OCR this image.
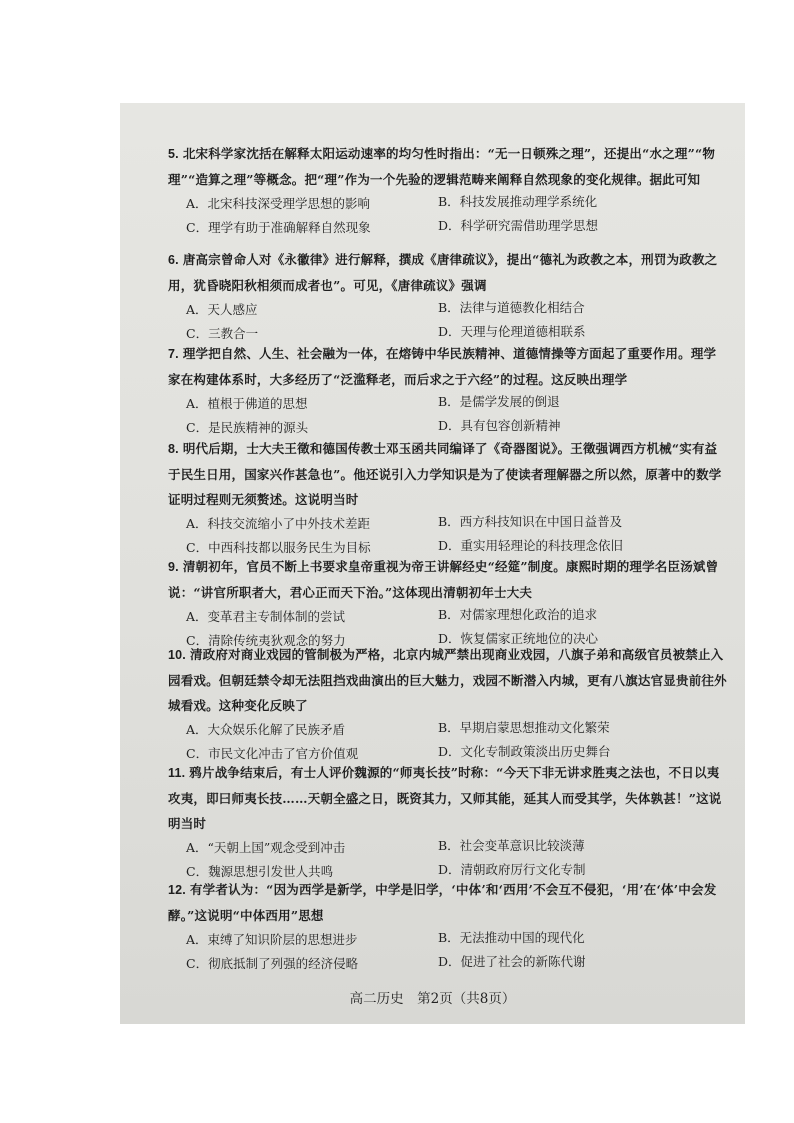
5. 北宋科学家沈括在解释太阳运动速率的均匀性时指出：“无一日顿殊之理”，还提出“水之理”“物理”“造算之理”等概念。把“理”作为一个先验的逻辑范畴来阐释自然现象的变化规律。据此可知

A．北宋科技深受理学思想的影响	B．科技发展推动理学系统化
C．理学有助于准确解释自然现象	D．科学研究需借助理学思想

6. 唐高宗曾命人对《永徽律》进行解释，撰成《唐律疏议》，提出“德礼为政教之本，刑罚为政教之用，犹昏晓阳秋相须而成者也”。可见，《唐律疏议》强调

A．天人感应	B．法律与道德教化相结合
C．三教合一	D．天理与伦理道德相联系

7. 理学把自然、人生、社会融为一体，在熔铸中华民族精神、道德情操等方面起了重要作用。理学家在构建体系时，大多经历了“泛滥释老，而后求之于六经”的过程。这反映出理学

A．植根于佛道的思想	B．是儒学发展的倒退
C．是民族精神的源头	D．具有包容创新精神

8. 明代后期，士大夫王徵和德国传教士邓玉函共同编译了《奇器图说》。王徵强调西方机械“实有益于民生日用，国家兴作甚急也”。他还说引入力学知识是为了使读者理解器之所以然，原著中的数学证明过程则无须赘述。这说明当时

A．科技交流缩小了中外技术差距	B．西方科技知识在中国日益普及
C．中西科技都以服务民生为目标	D．重实用轻理论的科技理念依旧

9. 清朝初年，官员不断上书要求皇帝重视为帝王讲解经史“经筵”制度。康熙时期的理学名臣汤斌曾说：“讲官所职者大，君心正而天下治。”这体现出清朝初年士大夫

A．变革君主专制体制的尝试	B．对儒家理想化政治的追求
C．清除传统夷狄观念的努力	D．恢复儒家正统地位的决心

10. 清政府对商业戏园的管制极为严格，北京内城严禁出现商业戏园，八旗子弟和高级官员被禁止入园看戏。但朝廷禁令却无法阻挡戏曲演出的巨大魅力，戏园不断潜入内城，更有八旗达官显贵前往外城看戏。这种变化反映了

A．大众娱乐化解了民族矛盾	B．早期启蒙思想推动文化繁荣
C．市民文化冲击了官方价值观	D．文化专制政策淡出历史舞台

11. 鸦片战争结束后，有士人评价魏源的“师夷长技”时称：“今天下非无讲求胜夷之法也，不日以夷攻夷，即曰师夷长技……天朝全盛之日，既资其力，又师其能，延其人而受其学，失体孰甚！”这说明当时

A．“天朝上国”观念受到冲击	B．社会变革意识比较淡薄
C．魏源思想引发世人共鸣	D．清朝政府厉行文化专制

12. 有学者认为：“因为西学是新学，中学是旧学，‘中体’和‘西用’不会互不侵犯，‘用’在‘体’中会发酵。”这说明“中体西用”思想

A．束缚了知识阶层的思想进步	B．无法推动中国的现代化
C．彻底抵制了列强的经济侵略	D．促进了社会的新陈代谢
高二历史　第2页（共8页）
